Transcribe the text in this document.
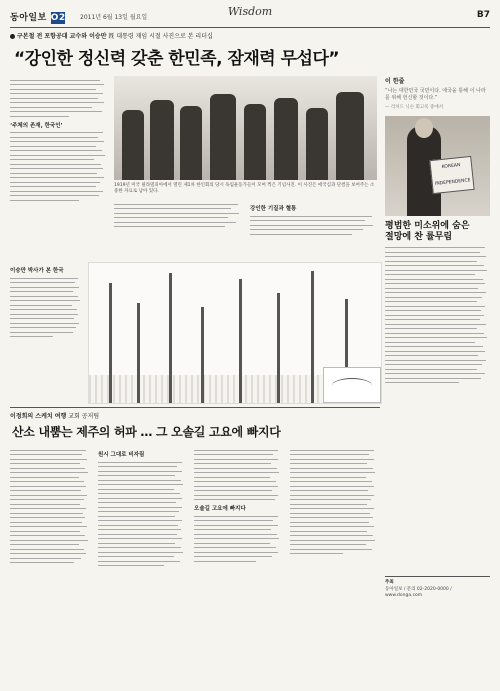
동아일보 O2 2011년 6월 13일 월요일	Wisdom	B7
구본철 전 포항공대 교수와 이승만 旣 대통령 재임 시절 사진으로 본 리더십
“강인한 정신력 갖춘 한민족, 잠재력 무섭다”
‘주체의 존재, 한국인’
1919년 미국 필라델피아에서 열린 제1차 한인회의 당시 독립운동가들이 모여 찍은 기념사진. 이 사진은 애국심과 단결을 보여주는 소중한 자료로 남아 있다.
강인한 기질과 혈통
이 한줄
“나는 대한민국 국민이다. 애국을 통해 이 나라를 위해 헌신할 것이다.”
— 리처드 닉슨 회고록 중에서
KOREAN INDEPENDENCE
평범한 미소위에 숨은
절망에 찬 률무림
이승만 박사가 본 한국
이정희의 스케치 여행 교회 공저팀
산소 내뿜는 제주의 허파 … 그 오솔길 고요에 빠지다
원시 그대로 비자림
오솔길 고요에 빠지다
주최
동아일보 / 문의 02-2020-0000 / www.donga.com
